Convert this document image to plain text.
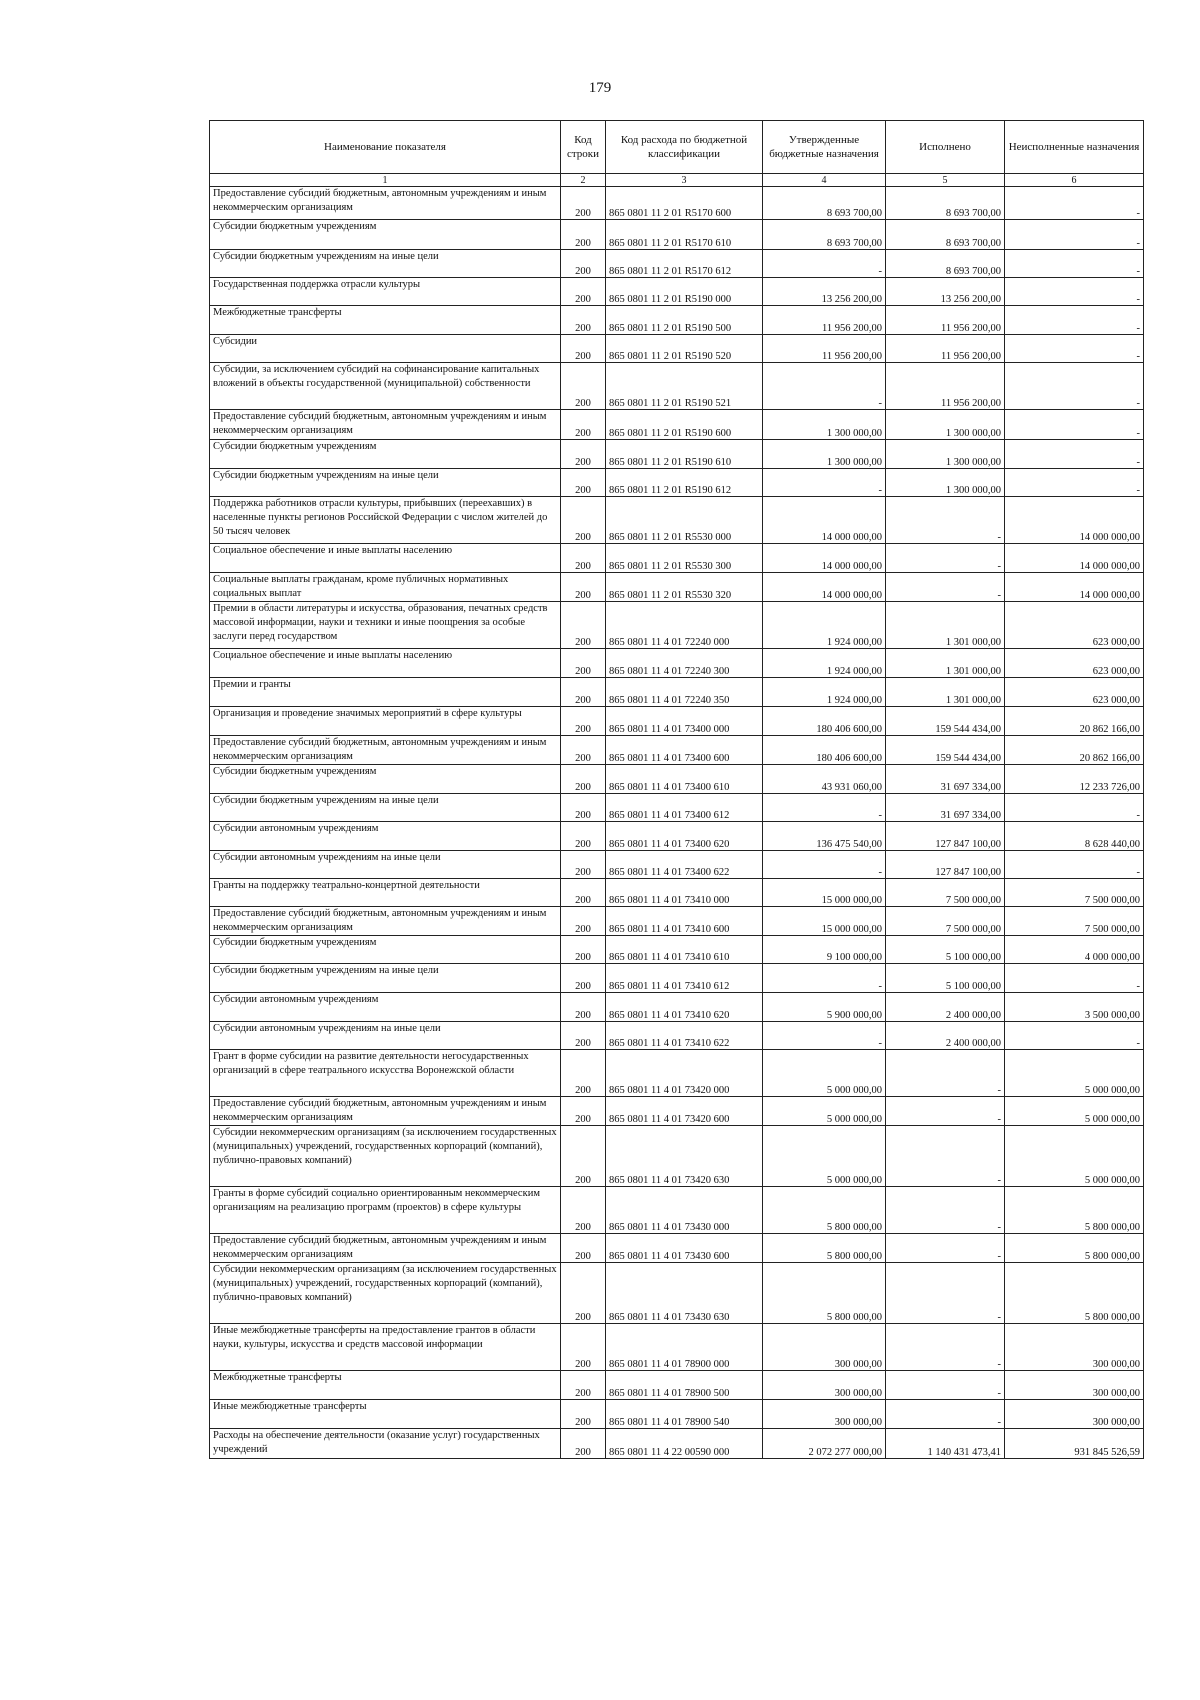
179
Наименование показателя	Код строки	Код расхода по бюджетной классификации	Утвержденные бюджетные назначения	Исполнено	Неисполненные назначения
1	2	3	4	5	6
Предоставление субсидий бюджетным, автономным учреждениям и иным некоммерческим организациям	200	865 0801 11 2 01 R5170 600	8 693 700,00	8 693 700,00	-
Субсидии бюджетным учреждениям	200	865 0801 11 2 01 R5170 610	8 693 700,00	8 693 700,00	-
Субсидии бюджетным учреждениям на иные цели	200	865 0801 11 2 01 R5170 612	-	8 693 700,00	-
Государственная поддержка отрасли культуры	200	865 0801 11 2 01 R5190 000	13 256 200,00	13 256 200,00	-
Межбюджетные трансферты	200	865 0801 11 2 01 R5190 500	11 956 200,00	11 956 200,00	-
Субсидии	200	865 0801 11 2 01 R5190 520	11 956 200,00	11 956 200,00	-
Субсидии, за исключением субсидий на софинансирование капитальных вложений в объекты государственной (муниципальной) собственности	200	865 0801 11 2 01 R5190 521	-	11 956 200,00	-
Предоставление субсидий бюджетным, автономным учреждениям и иным некоммерческим организациям	200	865 0801 11 2 01 R5190 600	1 300 000,00	1 300 000,00	-
Субсидии бюджетным учреждениям	200	865 0801 11 2 01 R5190 610	1 300 000,00	1 300 000,00	-
Субсидии бюджетным учреждениям на иные цели	200	865 0801 11 2 01 R5190 612	-	1 300 000,00	-
Поддержка работников отрасли культуры, прибывших (переехавших) в населенные пункты регионов Российской Федерации с числом жителей до 50 тысяч человек	200	865 0801 11 2 01 R5530 000	14 000 000,00	-	14 000 000,00
Социальное обеспечение и иные выплаты населению	200	865 0801 11 2 01 R5530 300	14 000 000,00	-	14 000 000,00
Социальные выплаты гражданам, кроме публичных нормативных социальных выплат	200	865 0801 11 2 01 R5530 320	14 000 000,00	-	14 000 000,00
Премии в области литературы и искусства, образования, печатных средств массовой информации, науки и техники и иные поощрения за особые заслуги перед государством	200	865 0801 11 4 01 72240 000	1 924 000,00	1 301 000,00	623 000,00
Социальное обеспечение и иные выплаты населению	200	865 0801 11 4 01 72240 300	1 924 000,00	1 301 000,00	623 000,00
Премии и гранты	200	865 0801 11 4 01 72240 350	1 924 000,00	1 301 000,00	623 000,00
Организация и проведение значимых мероприятий в сфере культуры	200	865 0801 11 4 01 73400 000	180 406 600,00	159 544 434,00	20 862 166,00
Предоставление субсидий бюджетным, автономным учреждениям и иным некоммерческим организациям	200	865 0801 11 4 01 73400 600	180 406 600,00	159 544 434,00	20 862 166,00
Субсидии бюджетным учреждениям	200	865 0801 11 4 01 73400 610	43 931 060,00	31 697 334,00	12 233 726,00
Субсидии бюджетным учреждениям на иные цели	200	865 0801 11 4 01 73400 612	-	31 697 334,00	-
Субсидии автономным учреждениям	200	865 0801 11 4 01 73400 620	136 475 540,00	127 847 100,00	8 628 440,00
Субсидии автономным учреждениям на иные цели	200	865 0801 11 4 01 73400 622	-	127 847 100,00	-
Гранты на поддержку театрально-концертной деятельности	200	865 0801 11 4 01 73410 000	15 000 000,00	7 500 000,00	7 500 000,00
Предоставление субсидий бюджетным, автономным учреждениям и иным некоммерческим организациям	200	865 0801 11 4 01 73410 600	15 000 000,00	7 500 000,00	7 500 000,00
Субсидии бюджетным учреждениям	200	865 0801 11 4 01 73410 610	9 100 000,00	5 100 000,00	4 000 000,00
Субсидии бюджетным учреждениям на иные цели	200	865 0801 11 4 01 73410 612	-	5 100 000,00	-
Субсидии автономным учреждениям	200	865 0801 11 4 01 73410 620	5 900 000,00	2 400 000,00	3 500 000,00
Субсидии автономным учреждениям на иные цели	200	865 0801 11 4 01 73410 622	-	2 400 000,00	-
Грант в форме субсидии на развитие деятельности негосударственных организаций в сфере театрального искусства Воронежской области	200	865 0801 11 4 01 73420 000	5 000 000,00	-	5 000 000,00
Предоставление субсидий бюджетным, автономным учреждениям и иным некоммерческим организациям	200	865 0801 11 4 01 73420 600	5 000 000,00	-	5 000 000,00
Субсидии некоммерческим организациям (за исключением государственных (муниципальных) учреждений, государственных корпораций (компаний), публично-правовых компаний)	200	865 0801 11 4 01 73420 630	5 000 000,00	-	5 000 000,00
Гранты в форме субсидий социально ориентированным некоммерческим организациям на реализацию программ (проектов) в сфере культуры	200	865 0801 11 4 01 73430 000	5 800 000,00	-	5 800 000,00
Предоставление субсидий бюджетным, автономным учреждениям и иным некоммерческим организациям	200	865 0801 11 4 01 73430 600	5 800 000,00	-	5 800 000,00
Субсидии некоммерческим организациям (за исключением государственных (муниципальных) учреждений, государственных корпораций (компаний), публично-правовых компаний)	200	865 0801 11 4 01 73430 630	5 800 000,00	-	5 800 000,00
Иные межбюджетные трансферты на предоставление грантов в области науки, культуры, искусства и средств массовой информации	200	865 0801 11 4 01 78900 000	300 000,00	-	300 000,00
Межбюджетные трансферты	200	865 0801 11 4 01 78900 500	300 000,00	-	300 000,00
Иные межбюджетные трансферты	200	865 0801 11 4 01 78900 540	300 000,00	-	300 000,00
Расходы на обеспечение деятельности (оказание услуг) государственных учреждений	200	865 0801 11 4 22 00590 000	2 072 277 000,00	1 140 431 473,41	931 845 526,59
